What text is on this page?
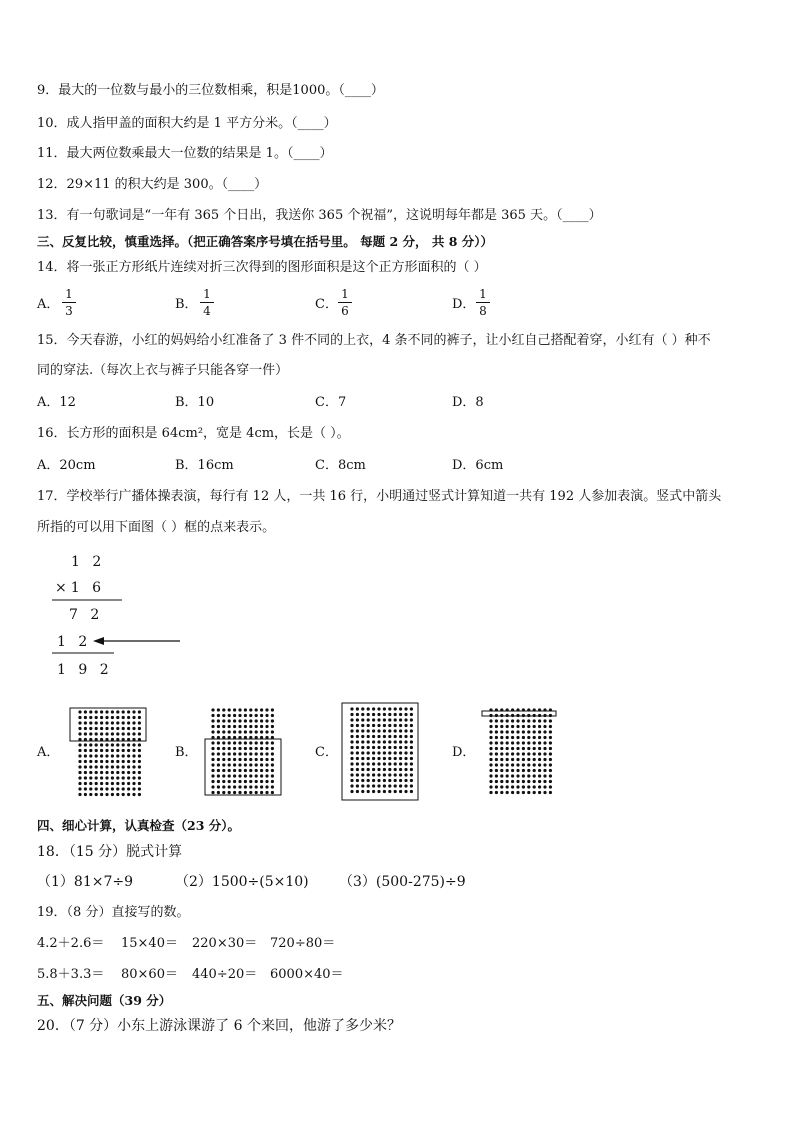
9．最大的一位数与最小的三位数相乘，积是1000。（____）
10．成人指甲盖的面积大约是 1 平方分米。（____）
11．最大两位数乘最大一位数的结果是 1。（____）
12．29×11 的积大约是 300。（____）
13．有一句歌词是“一年有 365 个日出，我送你 365 个祝福”，这说明每年都是 365 天。（____）
三、反复比较，慎重选择。（把正确答案序号填在括号里。 每题 2 分， 共 8 分））
14．将一张正方形纸片连续对折三次得到的图形面积是这个正方形面积的（ ）
A．
1
3	B．
1
4	C．
1
6	D．
1
8
15．今天春游，小红的妈妈给小红准备了 3 件不同的上衣，4 条不同的裤子，让小红自己搭配着穿，小红有（ ）种不
同的穿法.（每次上衣与裤子只能各穿一件）
A．12	B．10	C．7	D．8
16．长方形的面积是 64cm²，宽是 4cm，长是（ ）。
A．20cm	B．16cm	C．8cm	D．6cm
17．学校举行广播体操表演，每行有 12 人，一共 16 行，小明通过竖式计算知道一共有 192 人参加表演。竖式中箭头
所指的可以用下面图（ ）框的点来表示。
1 2
×1 6
7 2
1 2
1 9 2
A．	B．	C．	D．
四、细心计算，认真检查（23 分）。
18．（15 分）脱式计算
（1）81×7÷9	（2）1500÷(5×10) （3）(500-275)÷9
19．（8 分）直接写的数。
4.2＋2.6＝ 15×40＝ 220×30＝ 720÷80＝
5.8＋3.3＝ 80×60＝ 440÷20＝ 6000×40＝
五、解决问题（39 分）
20．（7 分）小东上游泳课游了 6 个来回，他游了多少米？
